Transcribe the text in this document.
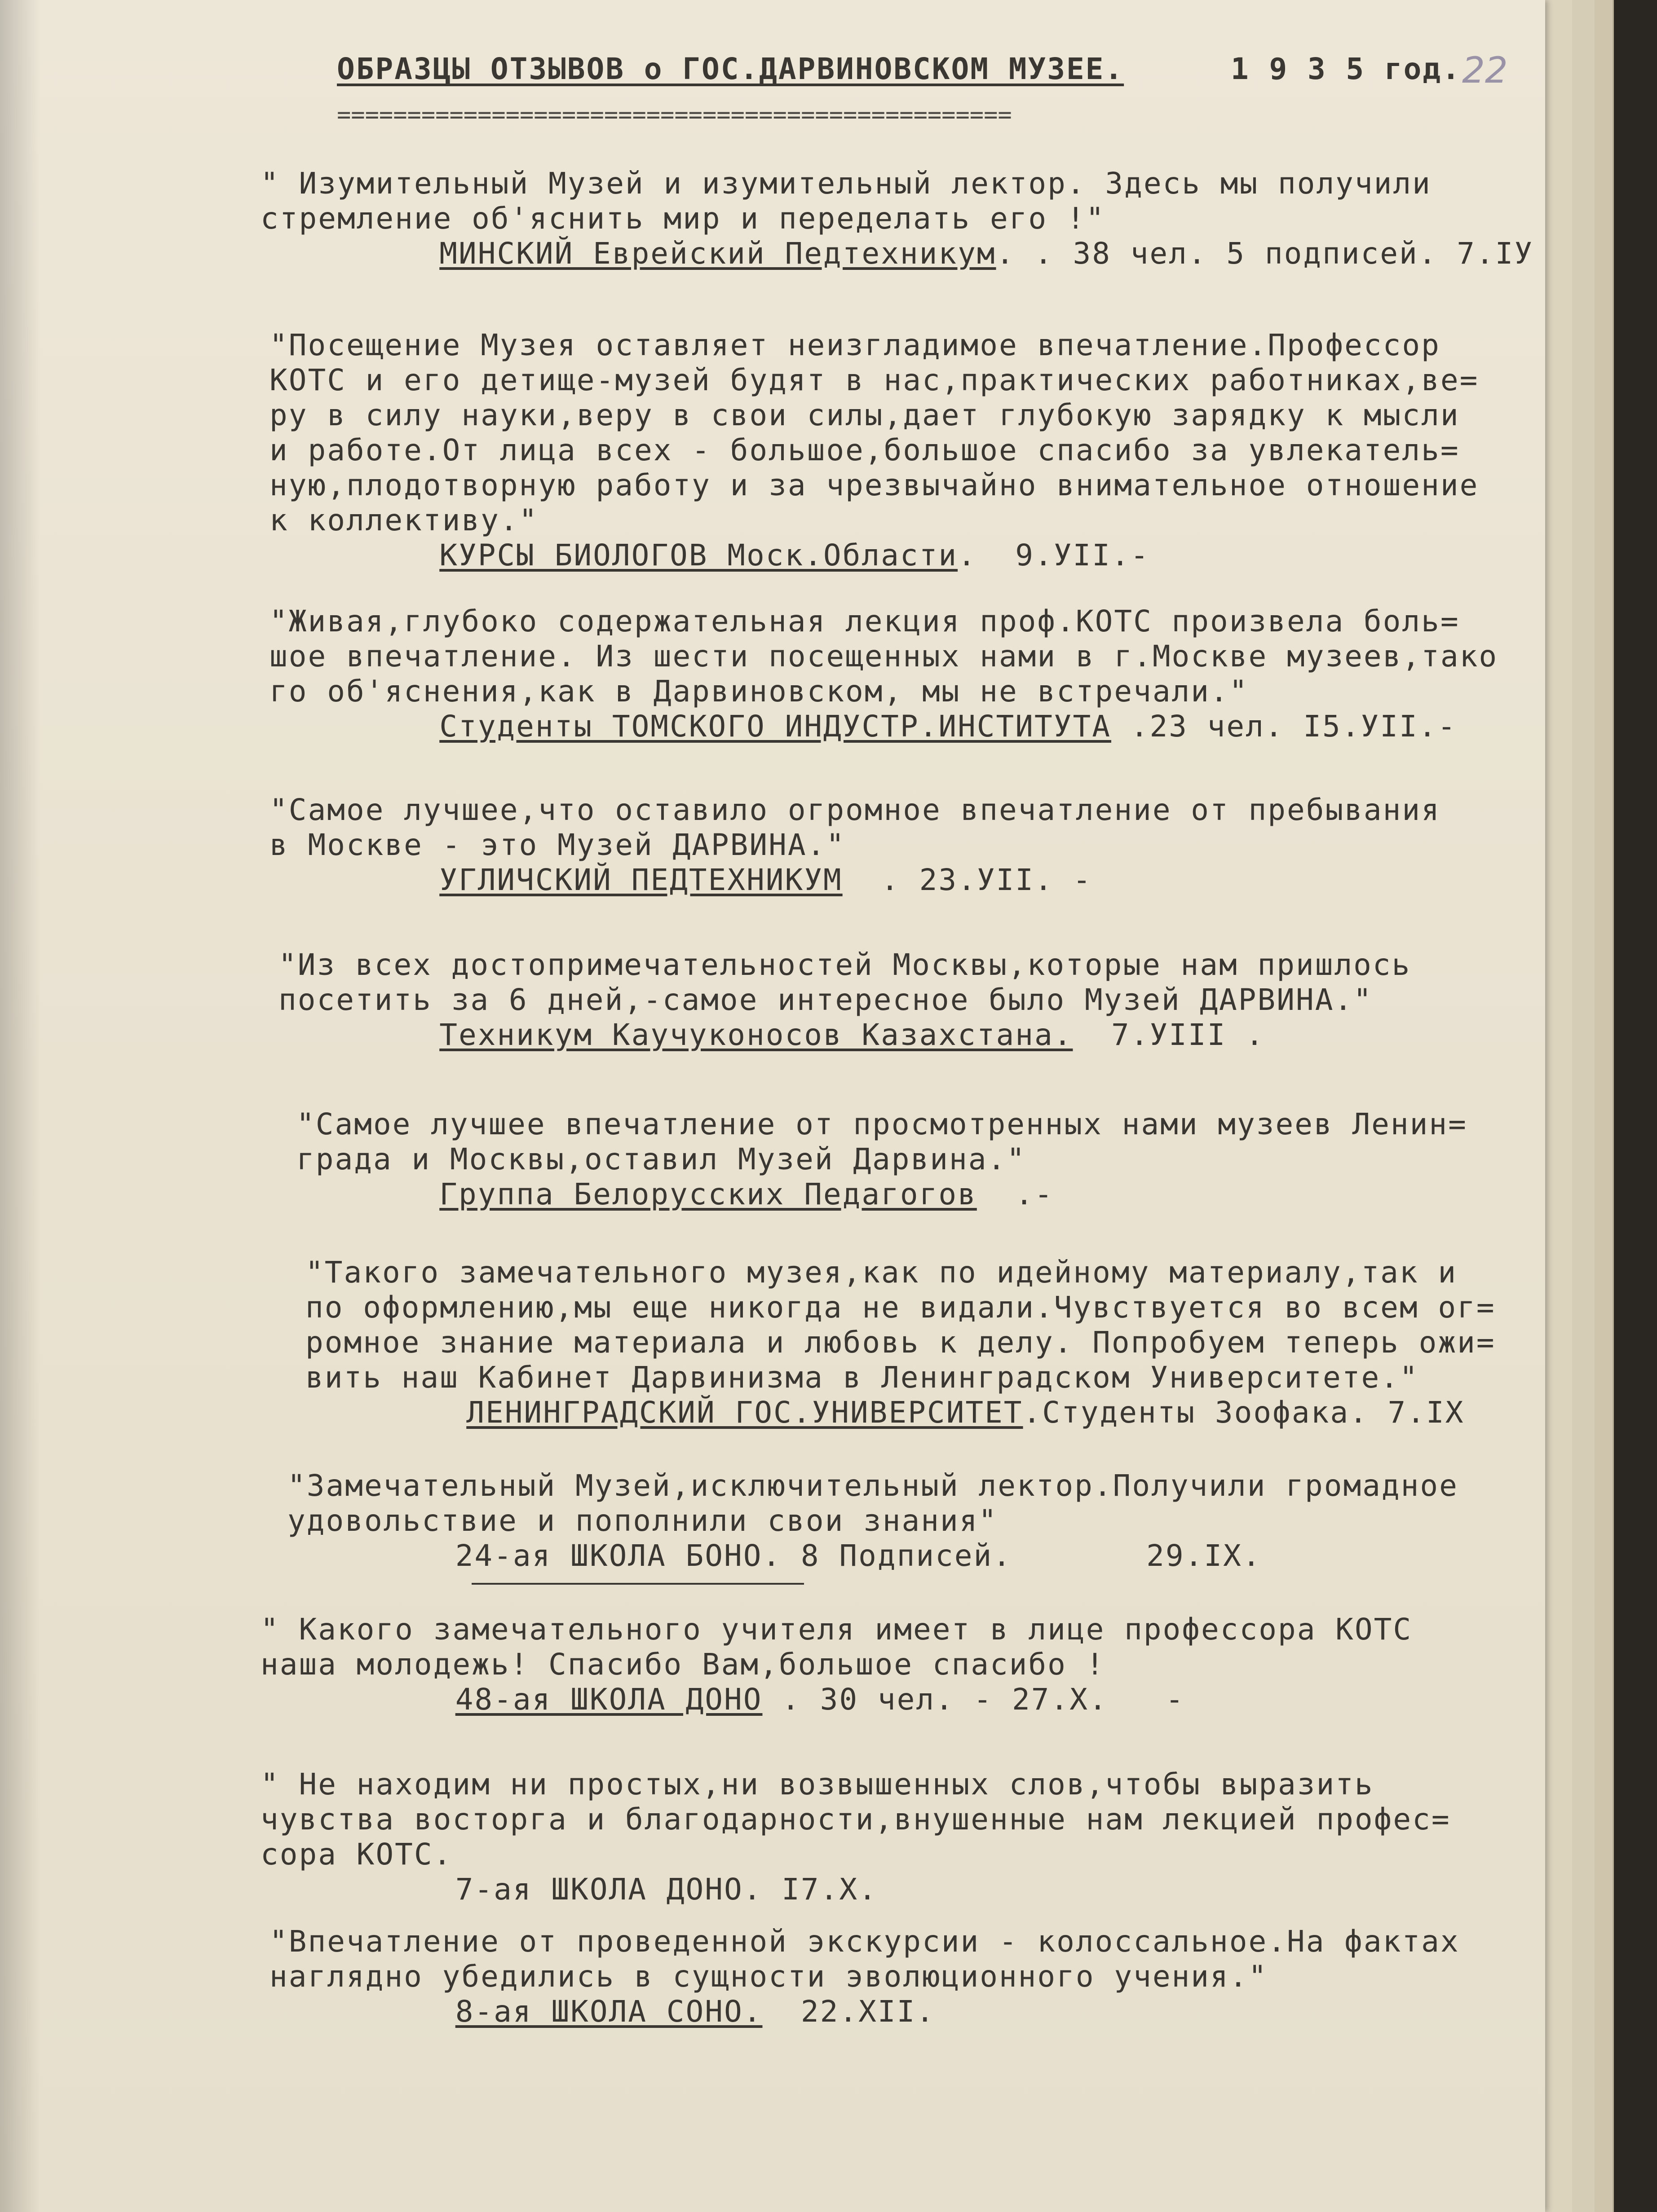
ОБРАЗЦЫ ОТЗЫВОВ о ГОС.ДАРВИНОВСКОМ МУЗЕЕ.	1 9 3 5 год.
================================================
22
" Изумительный Музей и изумительный лектор. Здесь мы получили
стремление об'яснить мир и переделать его !"
МИНСКИЙ Еврейский Педтехникум. . 38 чел. 5 подписей. 7.IУ
"Посещение Музея оставляет неизгладимое впечатление.Профессор
КОТС и его детище-музей будят в нас,практических работниках,ве=
ру в силу науки,веру в свои силы,дает глубокую зарядку к мысли
и работе.От лица всех - большое,большое спасибо за увлекатель=
ную,плодотворную работу и за чрезвычайно внимательное отношение
к коллективу."
КУРСЫ БИОЛОГОВ Моск.Области.  9.УII.-
"Живая,глубоко содержательная лекция проф.КОТС произвела боль=
шое впечатление. Из шести посещенных нами в г.Москве музеев,тако
го об'яснения,как в Дарвиновском, мы не встречали."
Студенты ТОМСКОГО ИНДУСТР.ИНСТИТУТА .23 чел. I5.УII.-
"Самое лучшее,что оставило огромное впечатление от пребывания
в Москве - это Музей ДАРВИНА."
УГЛИЧСКИЙ ПЕДТЕХНИКУМ  . 23.УII. -
"Из всех достопримечательностей Москвы,которые нам пришлось
посетить за 6 дней,-самое интересное было Музей ДАРВИНА."
Техникум Каучуконосов Казахстана.  7.УIII .
"Самое лучшее впечатление от просмотренных нами музеев Ленин=
града и Москвы,оставил Музей Дарвина."
Группа Белорусских Педагогов  .-
"Такого замечательного музея,как по идейному материалу,так и
по оформлению,мы еще никогда не видали.Чувствуется во всем ог=
ромное знание материала и любовь к делу. Попробуем теперь ожи=
вить наш Кабинет Дарвинизма в Ленинградском Университете."
ЛЕНИНГРАДСКИЙ ГОС.УНИВЕРСИТЕТ.Студенты Зоофака. 7.IX
"Замечательный Музей,исключительный лектор.Получили громадное
удовольствие и пополнили свои знания"
24-ая ШКОЛА БОНО. 8 Подписей.       29.IX.
" Какого замечательного учителя имеет в лице профессора КОТС
наша молодежь! Спасибо Вам,большое спасибо !
48-ая ШКОЛА ДОНО . 30 чел. - 27.X.   -
" Не находим ни простых,ни возвышенных слов,чтобы выразить
чувства восторга и благодарности,внушенные нам лекцией профес=
сора КОТС.
7-ая ШКОЛА ДОНО. I7.X.
"Впечатление от проведенной экскурсии - колоссальное.На фактах
наглядно убедились в сущности эволюционного учения."
8-ая ШКОЛА СОНО.  22.XII.
